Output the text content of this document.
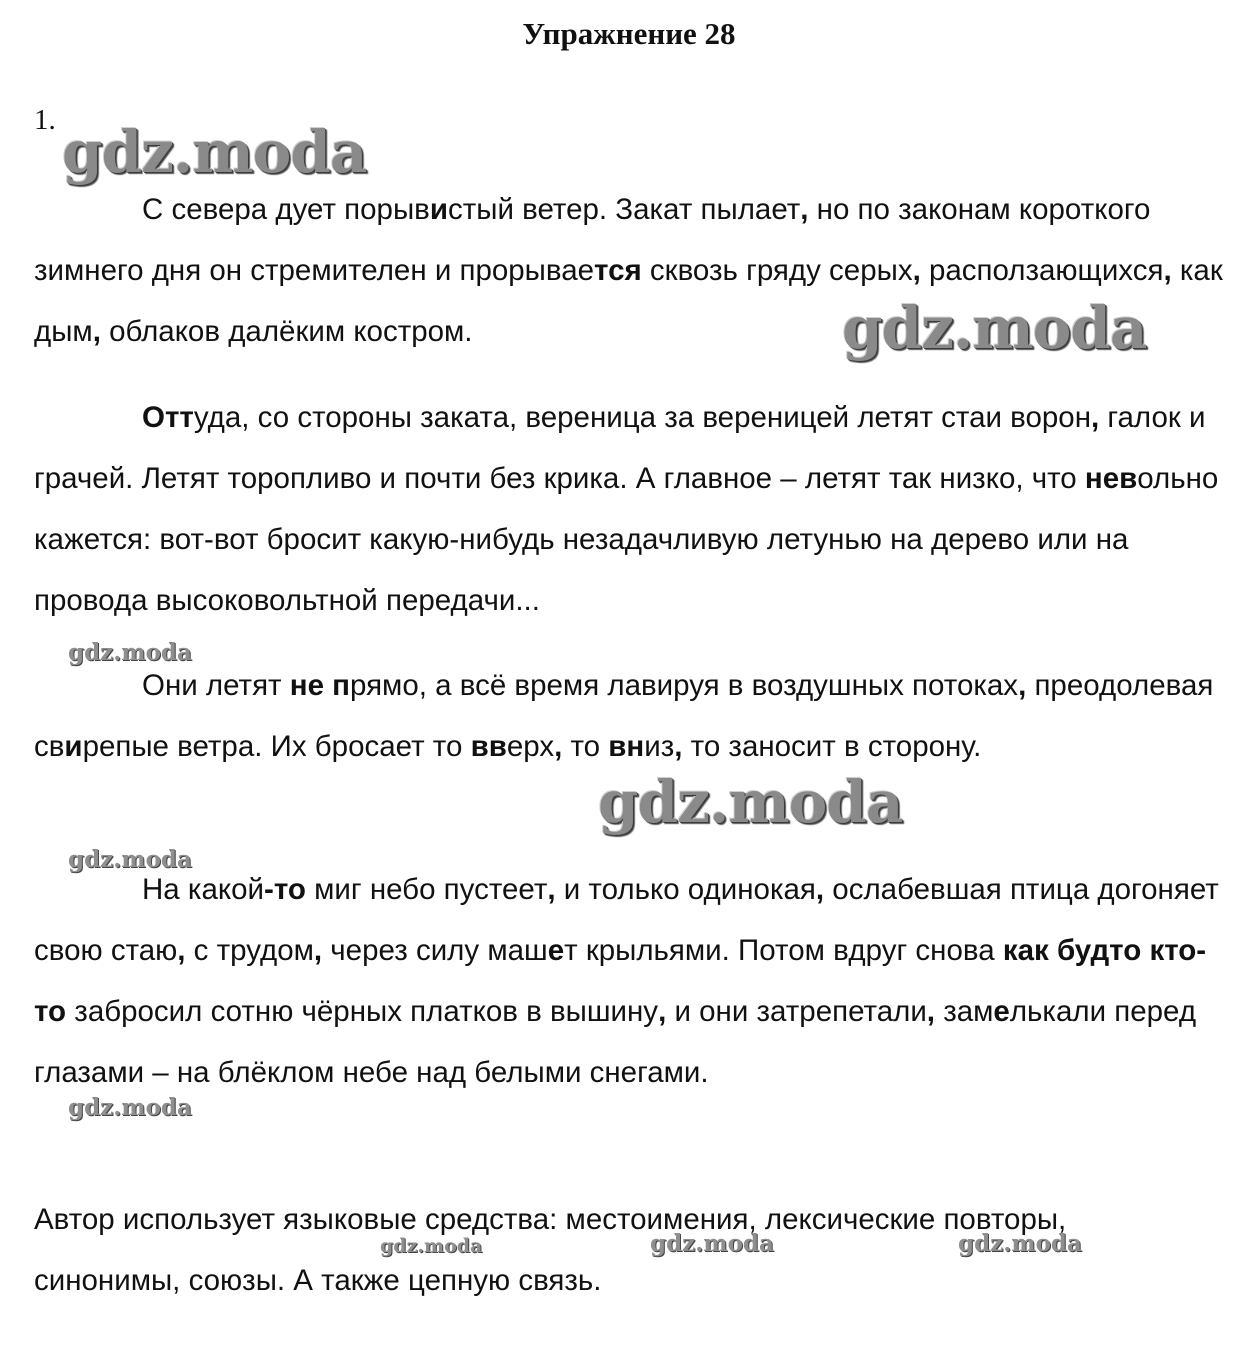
Упражнение 28
1.
С севера дует порывистый ветер. Закат пылает, но по законам короткого зимнего дня он стремителен и прорывается сквозь гряду серых, расползающихся, как дым, облаков далёким костром.
Оттуда, со стороны заката, вереница за вереницей летят стаи ворон, галок и грачей. Летят торопливо и почти без крика. А главное – летят так низко, что невольно кажется: вот-вот бросит какую-нибудь незадачливую летунью на дерево или на провода высоковольтной передачи...
Они летят не прямо, а всё время лавируя в воздушных потоках, преодолевая свирепые ветра. Их бросает то вверх, то вниз, то заносит в сторону.
На какой-то миг небо пустеет, и только одинокая, ослабевшая птица догоняет свою стаю, с трудом, через силу машет крыльями. Потом вдруг снова как будто кто-то забросил сотню чёрных платков в вышину, и они затрепетали, замелькали перед глазами – на блёклом небе над белыми снегами.
Автор использует языковые средства: местоимения, лексические повторы, синонимы, союзы. А также цепную связь.
gdz.moda
gdz.moda
gdz.moda
gdz.moda
gdz.moda
gdz.moda
gdz.moda	gdz.moda	gdz.moda
